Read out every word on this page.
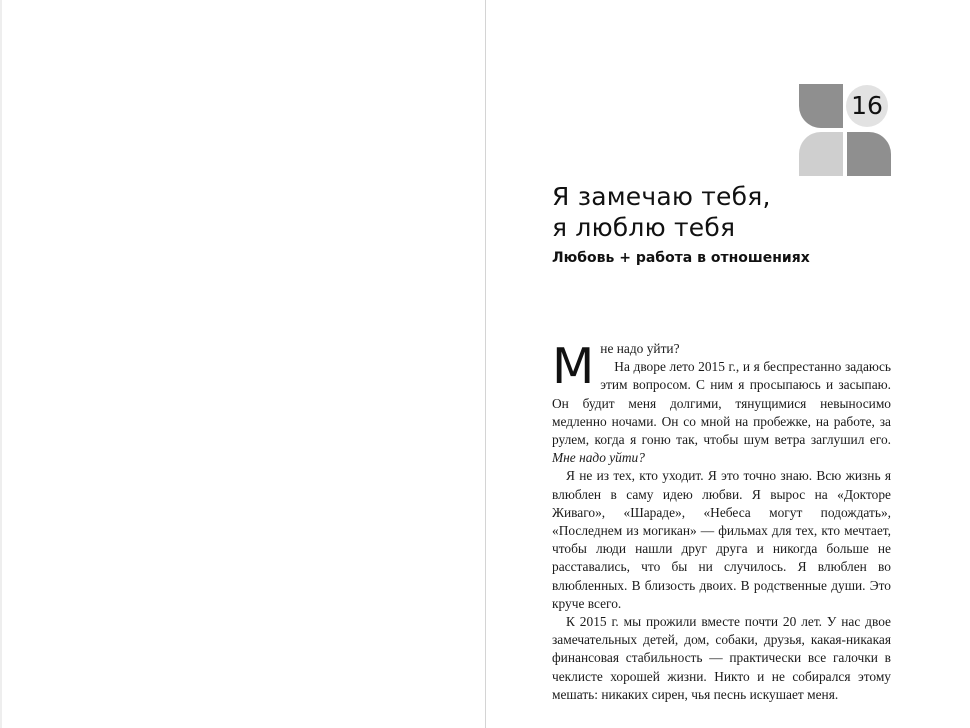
16
Я замечаю тебя,
я люблю тебя
Любовь + работа в отношениях

М не надо уйти?
На дворе лето 2015 г., и я беспрестанно задаюсь этим вопросом. С ним я просыпаюсь и засыпаю. Он будит меня долгими, тянущимися невыносимо медленно ночами. Он со мной на пробежке, на работе, за рулем, когда я гоню так, чтобы шум ветра заглушил его. Мне надо уйти?

Я не из тех, кто уходит. Я это точно знаю. Всю жизнь я влюблен в саму идею любви. Я вырос на «Докторе Живаго», «Шараде», «Небеса могут подождать», «Последнем из могикан» — фильмах для тех, кто мечтает, чтобы люди нашли друг друга и никогда больше не расставались, что бы ни случилось. Я влюблен во влюбленных. В близость двоих. В родственные души. Это круче всего.

К 2015 г. мы прожили вместе почти 20 лет. У нас двое замечательных детей, дом, собаки, друзья, какая-никакая финансовая стабильность — практически все галочки в чеклисте хорошей жизни. Никто и не собирался этому мешать: никаких сирен, чья песнь искушает меня.
